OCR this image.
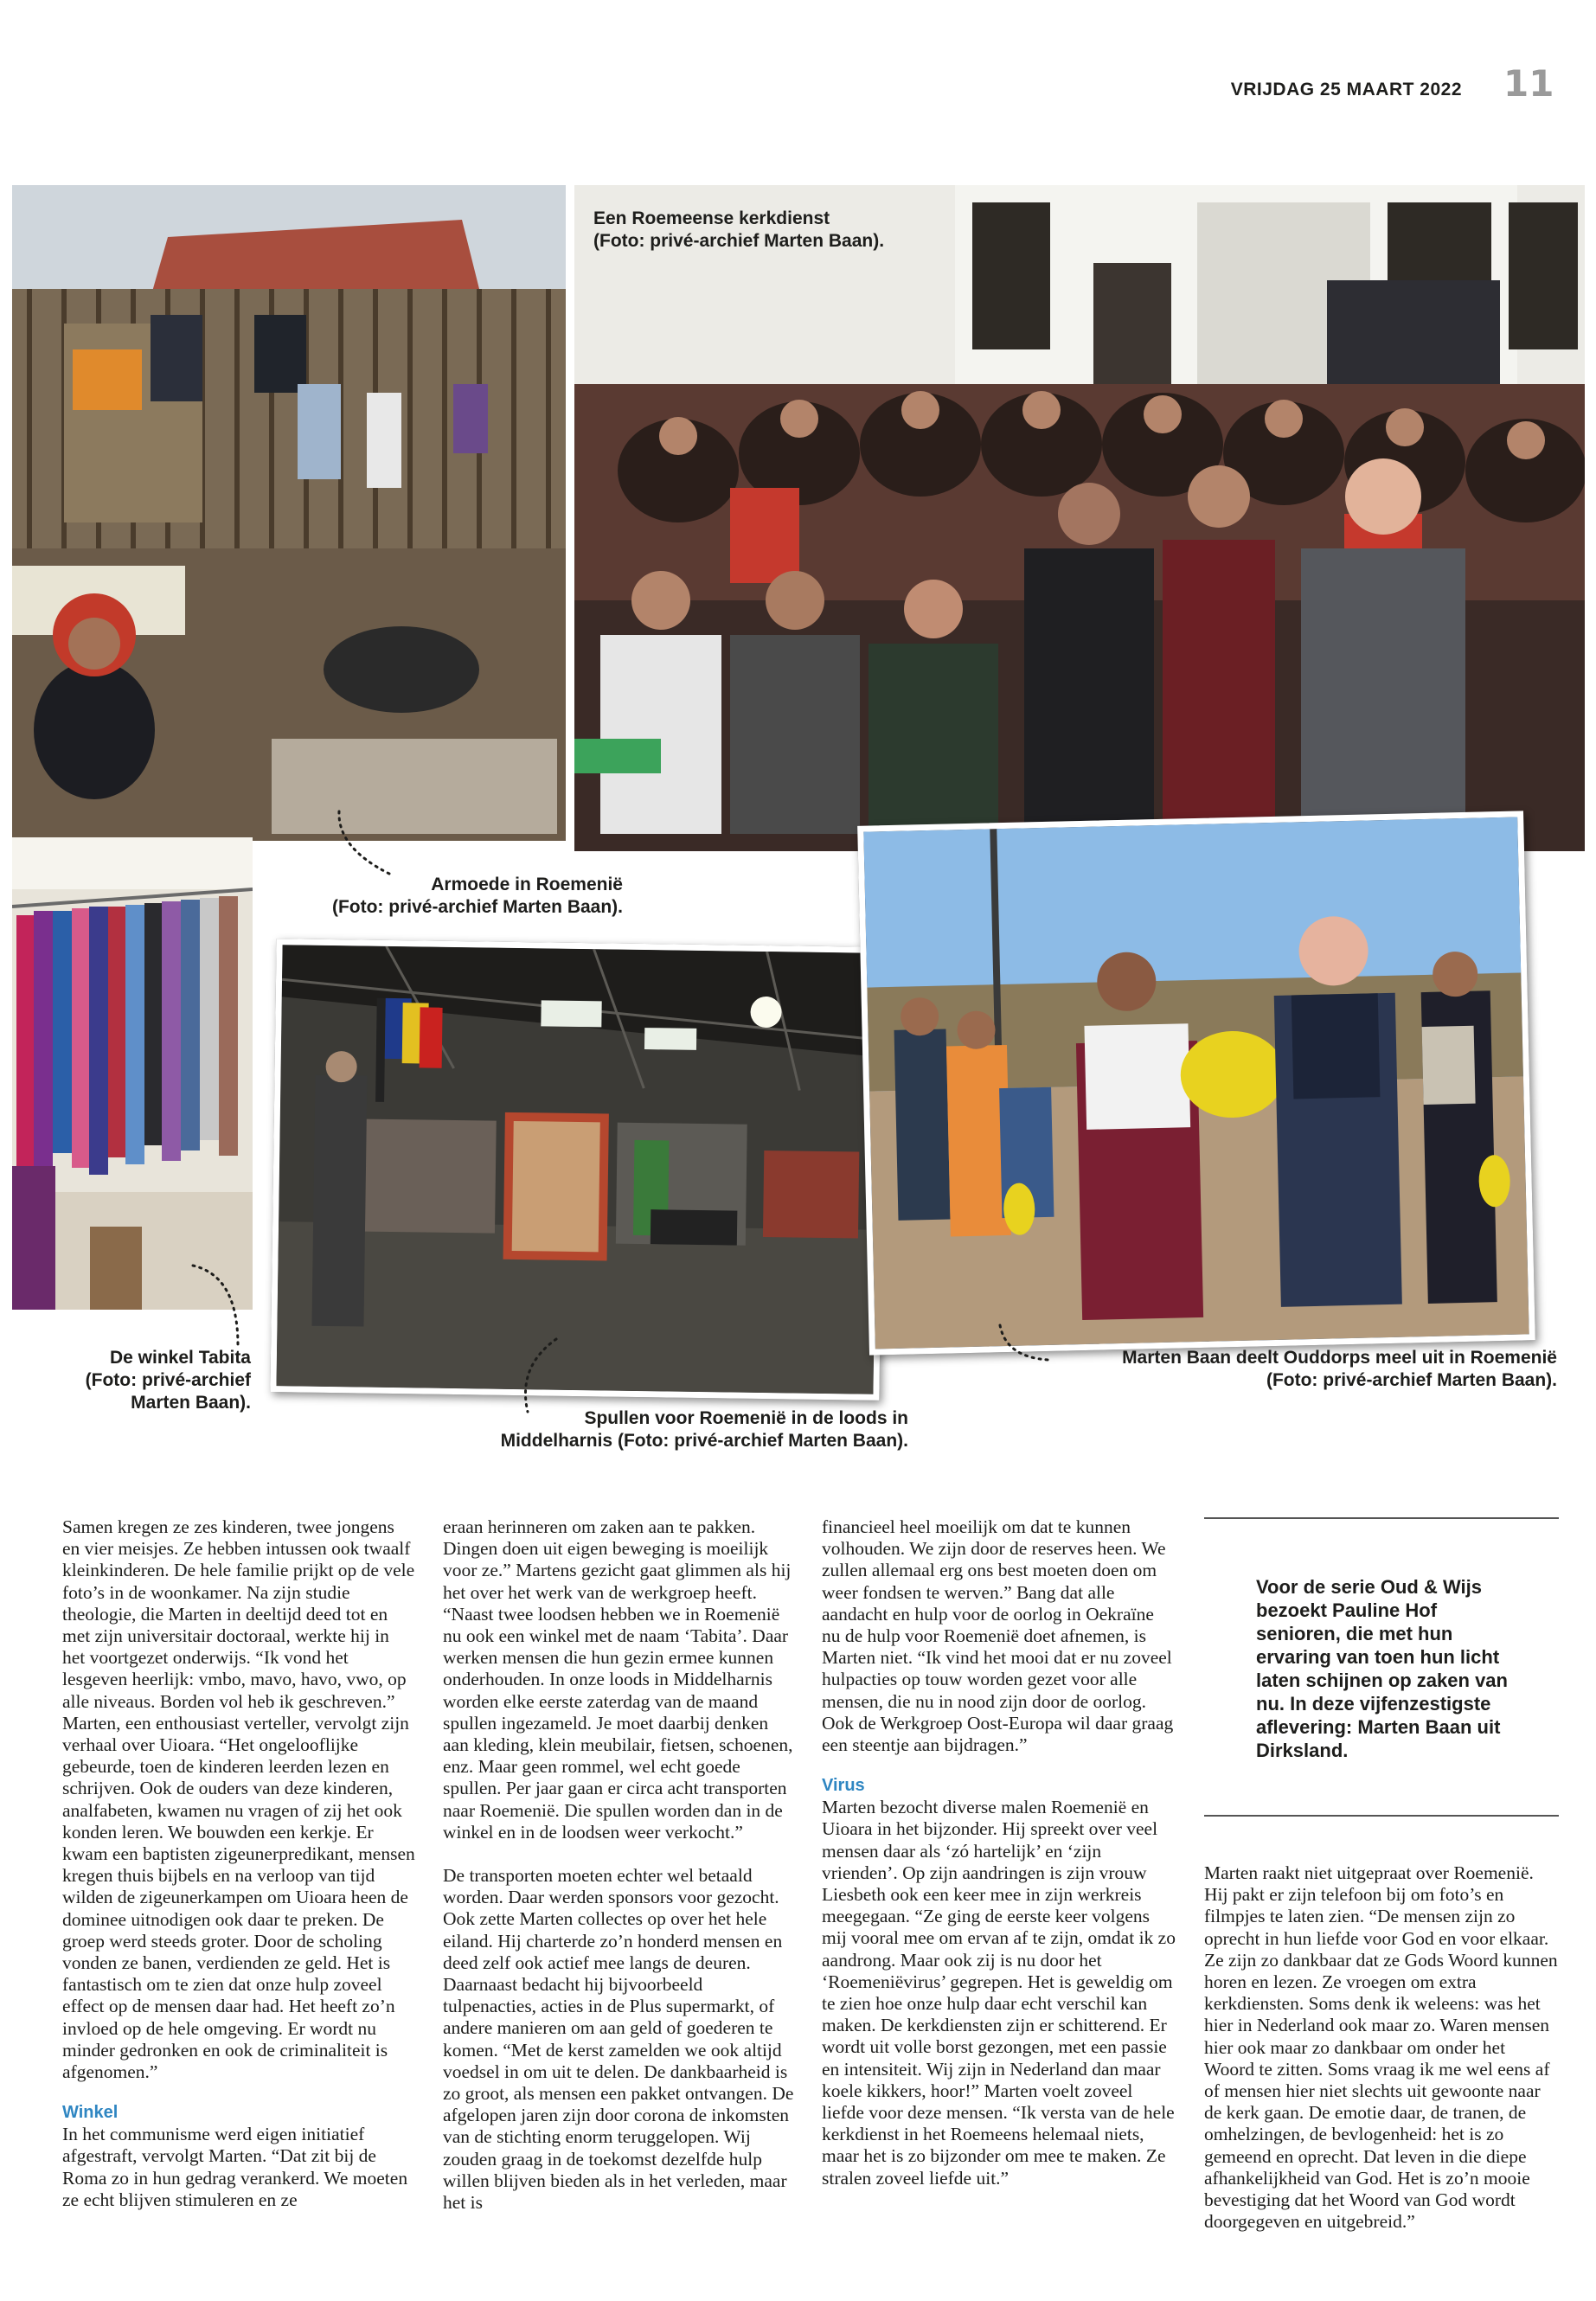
VRIJDAG 25 MAART 2022 11
Een Roemeense kerkdienst
(Foto: privé-archief Marten Baan).
Armoede in Roemenië
(Foto: privé-archief Marten Baan).
De winkel Tabita
(Foto: privé-archief
Marten Baan).
Spullen voor Roemenië in de loods in
Middelharnis (Foto: privé-archief Marten Baan).
Marten Baan deelt Ouddorps meel uit in Roemenië
(Foto: privé-archief Marten Baan).

Samen kregen ze zes kinderen, twee jongens en vier meisjes. Ze hebben intussen ook twaalf kleinkinderen. De hele familie prijkt op de vele foto’s in de woonkamer. Na zijn studie theologie, die Marten in deeltijd deed tot en met zijn universitair doctoraal, werkte hij in het voortgezet onderwijs. “Ik vond het lesgeven heerlijk: vmbo, mavo, havo, vwo, op alle niveaus. Borden vol heb ik geschreven.” Marten, een enthousiast verteller, vervolgt zijn verhaal over Uioara. “Het ongelooflijke gebeurde, toen de kinderen leerden lezen en schrijven. Ook de ouders van deze kinderen, analfabeten, kwamen nu vragen of zij het ook konden leren. We bouwden een kerkje. Er kwam een baptisten zigeunerpredikant, mensen kregen thuis bijbels en na verloop van tijd wilden de zigeunerkampen om Uioara heen de dominee uitnodigen ook daar te preken. De groep werd steeds groter. Door de scholing vonden ze banen, verdienden ze geld. Het is fantastisch om te zien dat onze hulp zoveel effect op de mensen daar had. Het heeft zo’n invloed op de hele omgeving. Er wordt nu minder gedronken en ook de criminaliteit is afgenomen.”

Winkel

In het communisme werd eigen initiatief afgestraft, vervolgt Marten. “Dat zit bij de Roma zo in hun gedrag verankerd. We moeten ze echt blijven stimuleren en ze

eraan herinneren om zaken aan te pakken. Dingen doen uit eigen beweging is moeilijk voor ze.” Martens gezicht gaat glimmen als hij het over het werk van de werkgroep heeft. “Naast twee loodsen hebben we in Roemenië nu ook een winkel met de naam ‘Tabita’. Daar werken mensen die hun gezin ermee kunnen onderhouden. In onze loods in Middelharnis worden elke eerste zaterdag van de maand spullen ingezameld. Je moet daarbij denken aan kleding, klein meubilair, fietsen, schoenen, enz. Maar geen rommel, wel echt goede spullen. Per jaar gaan er circa acht transporten naar Roemenië. Die spullen worden dan in de winkel en in de loodsen weer verkocht.”

De transporten moeten echter wel betaald worden. Daar werden sponsors voor gezocht. Ook zette Marten collectes op over het hele eiland. Hij charterde zo’n honderd mensen en deed zelf ook actief mee langs de deuren. Daarnaast bedacht hij bijvoorbeeld tulpenacties, acties in de Plus supermarkt, of andere manieren om aan geld of goederen te komen. “Met de kerst zamelden we ook altijd voedsel in om uit te delen. De dankbaarheid is zo groot, als mensen een pakket ontvangen. De afgelopen jaren zijn door corona de inkomsten van de stichting enorm teruggelopen. Wij zouden graag in de toekomst dezelfde hulp willen blijven bieden als in het verleden, maar het is

financieel heel moeilijk om dat te kunnen volhouden. We zijn door de reserves heen. We zullen allemaal erg ons best moeten doen om weer fondsen te werven.” Bang dat alle aandacht en hulp voor de oorlog in Oekraïne nu de hulp voor Roemenië doet afnemen, is Marten niet. “Ik vind het mooi dat er nu zoveel hulpacties op touw worden gezet voor alle mensen, die nu in nood zijn door de oorlog. Ook de Werkgroep Oost-Europa wil daar graag een steentje aan bijdragen.”

Virus

Marten bezocht diverse malen Roemenië en Uioara in het bijzonder. Hij spreekt over veel mensen daar als ‘zó hartelijk’ en ‘zijn vrienden’. Op zijn aandringen is zijn vrouw Liesbeth ook een keer mee in zijn werkreis meegegaan. “Ze ging de eerste keer volgens mij vooral mee om ervan af te zijn, omdat ik zo aandrong. Maar ook zij is nu door het ‘Roemeniëvirus’ gegrepen. Het is geweldig om te zien hoe onze hulp daar echt verschil kan maken. De kerkdiensten zijn er schitterend. Er wordt uit volle borst gezongen, met een passie en intensiteit. Wij zijn in Nederland dan maar koele kikkers, hoor!” Marten voelt zoveel liefde voor deze mensen. “Ik versta van de hele kerkdienst in het Roemeens helemaal niets, maar het is zo bijzonder om mee te maken. Ze stralen zoveel liefde uit.”

Voor de serie Oud & Wijs bezoekt Pauline Hof senioren, die met hun ervaring van toen hun licht laten schijnen op zaken van nu. In deze vijfenzestigste aflevering: Marten Baan uit Dirksland.

Marten raakt niet uitgepraat over Roemenië. Hij pakt er zijn telefoon bij om foto’s en filmpjes te laten zien. “De mensen zijn zo oprecht in hun liefde voor God en voor elkaar. Ze zijn zo dankbaar dat ze Gods Woord kunnen horen en lezen. Ze vroegen om extra kerkdiensten. Soms denk ik weleens: was het hier in Nederland ook maar zo. Waren mensen hier ook maar zo dankbaar om onder het Woord te zitten. Soms vraag ik me wel eens af of mensen hier niet slechts uit gewoonte naar de kerk gaan. De emotie daar, de tranen, de omhelzingen, de bevlogenheid: het is zo gemeend en oprecht. Dat leven in die diepe afhankelijkheid van God. Het is zo’n mooie bevestiging dat het Woord van God wordt doorgegeven en uitgebreid.”
